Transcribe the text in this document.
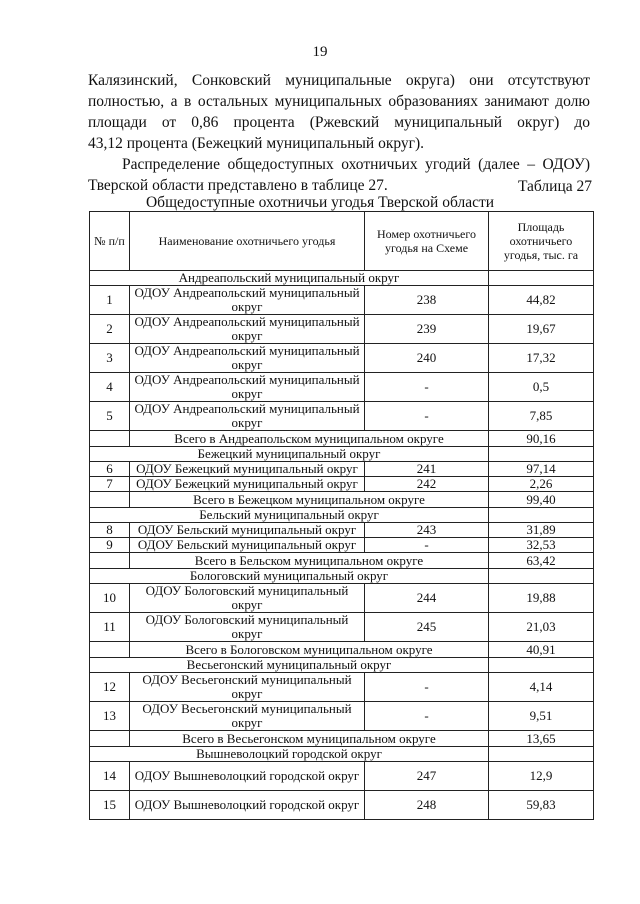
19
Калязинский, Сонковский муниципальные округа) они отсутствуют
полностью, а в остальных муниципальных образованиях занимают долю
площади от 0,86 процента (Ржевский муниципальный округ) до
43,12 процента (Бежецкий муниципальный округ).
Распределение общедоступных охотничьих угодий (далее – ОДОУ)
Тверской области представлено в таблице 27.	Таблица 27
Общедоступные охотничьи угодья Тверской области
№ п/п	Наименование охотничьего угодья	Номер охотничьего угодья на Схеме	Площадь охотничьего угодья, тыс. га
Андреапольский муниципальный округ			
1	ОДОУ Андреапольский муниципальный округ	238	44,82
2	ОДОУ Андреапольский муниципальный округ	239	19,67
3	ОДОУ Андреапольский муниципальный округ	240	17,32
4	ОДОУ Андреапольский муниципальный округ	-	0,5
5	ОДОУ Андреапольский муниципальный округ	-	7,85
	Всего в Андреапольском муниципальном округе		90,16
Бежецкий муниципальный округ			
6	ОДОУ Бежецкий муниципальный округ	241	97,14
7	ОДОУ Бежецкий муниципальный округ	242	2,26
	Всего в Бежецком муниципальном округе		99,40
Бельский муниципальный округ			
8	ОДОУ Бельский муниципальный округ	243	31,89
9	ОДОУ Бельский муниципальный округ	-	32,53
	Всего в Бельском муниципальном округе		63,42
Бологовский муниципальный округ			
10	ОДОУ Бологовский муниципальный округ	244	19,88
11	ОДОУ Бологовский муниципальный округ	245	21,03
	Всего в Бологовском муниципальном округе		40,91
Весьегонский муниципальный округ			
12	ОДОУ Весьегонский муниципальный округ	-	4,14
13	ОДОУ Весьегонский муниципальный округ	-	9,51
	Всего в Весьегонском муниципальном округе		13,65
Вышневолоцкий городской округ			
14	ОДОУ Вышневолоцкий городской округ	247	12,9
15	ОДОУ Вышневолоцкий городской округ	248	59,83
